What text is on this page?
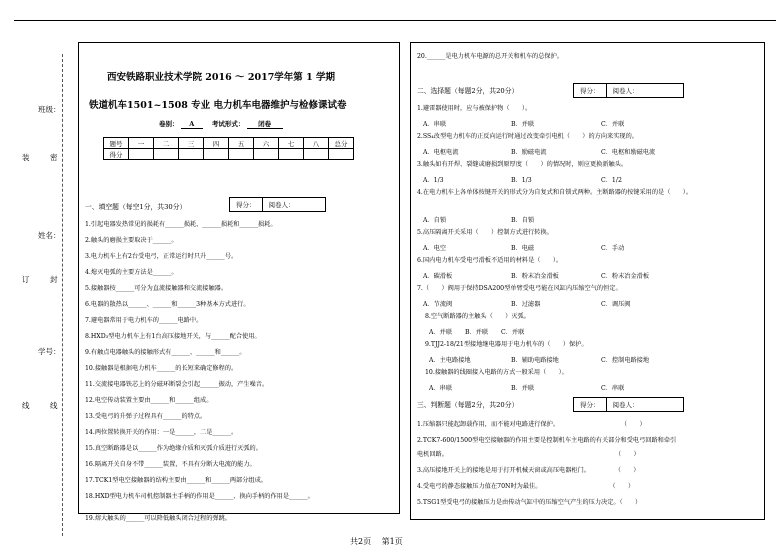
班级：
姓名：
学号：
装
订
线
密
封
线
西安铁路职业技术学院 2016 ～ 2017学年第 1 学期
铁道机车1501~1508 专业 电力机车电器维护与检修课试卷
卷别： A	考试形式： 闭卷
题号	一	二	三	四	五	六	七	八	总分
得分									
得分：	阅卷人：
一、填空题（每空1分，共30分）
1.引起电器发热常见的损耗有______损耗、______损耗和______损耗。
2.触头的磨损主要取决于______。
3.电力机车上有2台受电弓，正常运行时只升______号。
4.熄灭电弧的主要方法是______。
5.接触器按______可分为直流接触器和交流接触器。
6.电器的散热以______、______和______3种基本方式进行。
7.避电器常用于电力机车的______电路中。
8.HXD₃型电力机车上有1台高压接地开关，与______配合使用。
9.有触点电器触头的接触形式有______、______和______。
10.接触器是根据电力机车______的长短来确定修程的。
11.交流接电器铁芯上的分磁环断裂会引起______振动，产生噪音。
12.电空传动装置主要由______和______组成。
13.受电弓的升弹子过程具有______的特点。
14.两位置转换开关的作用：一是______，二是______。
15.真空断路器是以______作为绝缘介质和灭弧介质进行灭弧的。
16.隔离开关自身不带______装置，不具有分断大电流的能力。
17.TCK1型电空接触器的结构主要由______和______两部分组成。
18.HXD型电力机车司机控制器主手柄的作用是______、换向手柄的作用是______。
19.熔大触头的______可以降低触头闭合过程的弹跳。
20.______是电力机车电源的总开关和机车的总保护。
得分：	阅卷人：
二、选择题（每题2分，共20分）
1.避雷器使用时，应与被保护物（　　）。
A．串联	B．并联	C．并联
2.SS₄改型电力机车的正反向运行时通过改变牵引电机（　　）的方向来实现的。
A．电枢电流	B．励磁电流	C．电枢和励磁电流
3.触头如有开焊、裂缝或磨损到原厚度（　　）的情况时，则应更换新触头。
A．1/3	B．1/3	C．1/2
4.在电力机车上各单体按键开关的形式分为自复式和自锁式两种。主断路器的按键采用的是（　　）。
A．自锁	B．自锁
5.高压隔离开关采用（　　）控制方式进行转换。
A．电空	B．电磁	C．手动
6.国内电力机车受电弓滑板不适用的材料是（　　）。
A．碳滑板	B．粉末冶金滑板	C．粉末冶金滑板
7.（　　）阀用于保持DSA200型单臂受电弓能在风缸内压缩空气的恒定。
A．节流阀	B．过滤器	C．调压阀
8.空气断路器的主触头（　　）灭弧。
A．并联 B．并联 C．并联
9.TJJ2-18/21型接地继电器用于电力机车的（　　）保护。
A．主电路接地	B．辅助电路接地	C．控制电路接地
10.接触器的线圈接入电路的方式一般采用（　　）。
A．串联	B．并联	C．串联
得分：	阅卷人：
三、判断题（每题2分，共20分）
1.压缩器只能起卸载作用，而不能对电路进行保护。　　　　　　　　　　　（　　）
2.TCK7-600/1500型电空接触器的作用主要是控制机车主电路的有关部分和受电弓回路和牵引
电机回路。　　　　　　　　　　　　　　　　　　　　　　　　　　　　（　　）
3.高压接地开关上的接地是用于打开机械天窗或高压电器柜门。　　　　　（　　）
4.受电弓的静态接触压力值在70N时为最佳。　　　　　　　　　　　　（　　）
5.TSG1型受电弓的接触压力是由传动气缸中的压缩空气产生的压力决定。（　　）
共2页　 第1页
